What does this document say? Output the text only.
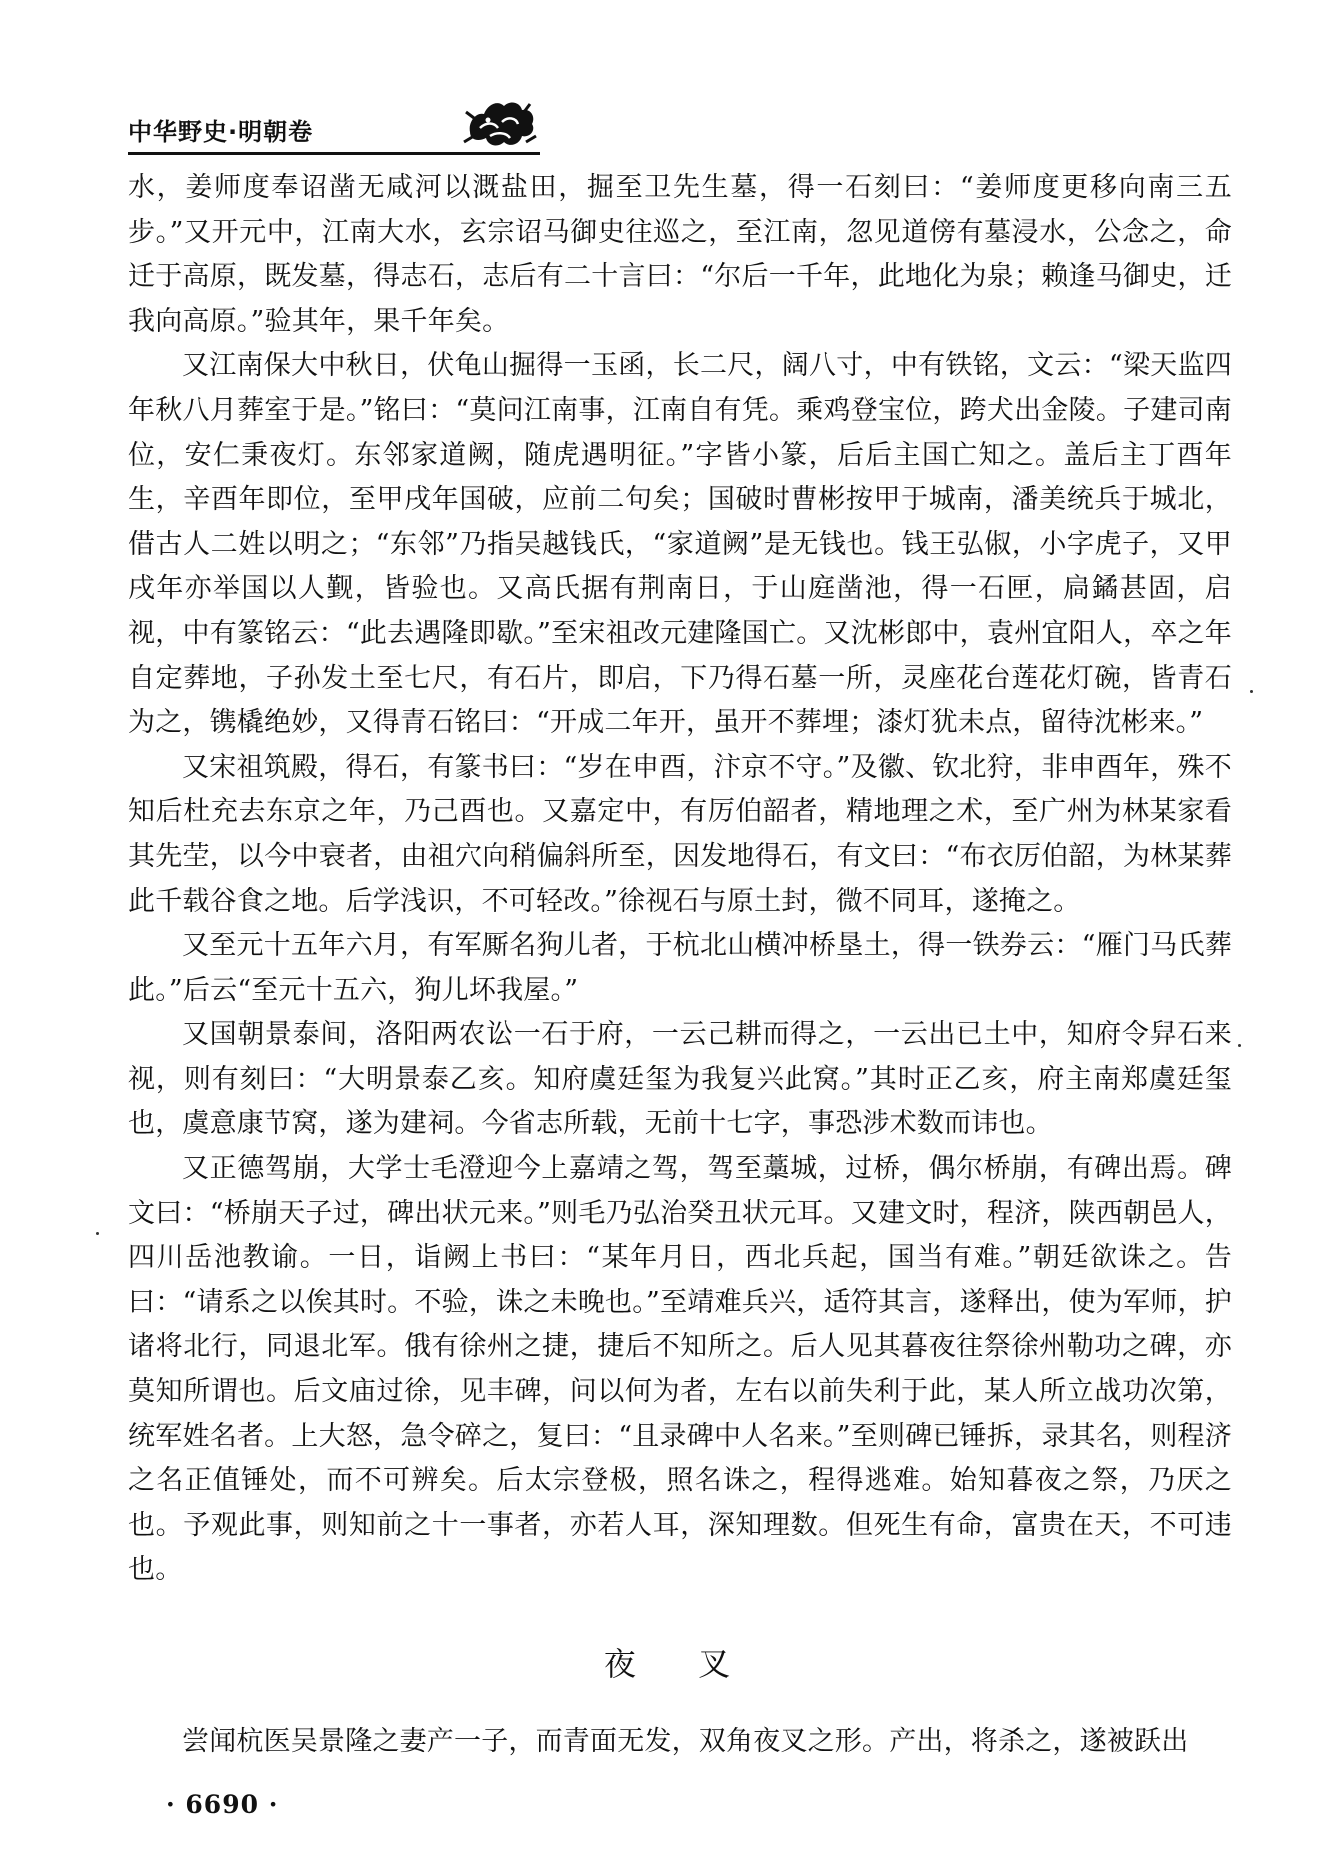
中华野史·明朝卷

水，姜师度奉诏凿无咸河以溉盐田，掘至卫先生墓，得一石刻曰：“姜师度更移向南三五步。”又开元中，江南大水，玄宗诏马御史往巡之，至江南，忽见道傍有墓浸水，公念之，命迁于高原，既发墓，得志石，志后有二十言曰：“尔后一千年，此地化为泉；赖逢马御史，迁我向高原。”验其年，果千年矣。

又江南保大中秋日，伏龟山掘得一玉函，长二尺，阔八寸，中有铁铭，文云：“梁天监四年秋八月葬室于是。”铭曰：“莫问江南事，江南自有凭。乘鸡登宝位，跨犬出金陵。子建司南位，安仁秉夜灯。东邻家道阙，随虎遇明征。”字皆小篆，后后主国亡知之。盖后主丁酉年生，辛酉年即位，至甲戌年国破，应前二句矣；国破时曹彬按甲于城南，潘美统兵于城北，借古人二姓以明之；“东邻”乃指吴越钱氏，“家道阙”是无钱也。钱王弘俶，小字虎子，又甲戌年亦举国以人觐，皆验也。又高氏据有荆南日，于山庭凿池，得一石匣，扃鐍甚固，启视，中有篆铭云：“此去遇隆即歇。”至宋祖改元建隆国亡。又沈彬郎中，袁州宜阳人，卒之年自定葬地，子孙发土至七尺，有石片，即启，下乃得石墓一所，灵座花台莲花灯碗，皆青石为之，镌橇绝妙，又得青石铭曰：“开成二年开，虽开不葬埋；漆灯犹未点，留待沈彬来。”

又宋祖筑殿，得石，有篆书曰：“岁在申酉，汴京不守。”及徽、钦北狩，非申酉年，殊不知后杜充去东京之年，乃己酉也。又嘉定中，有厉伯韶者，精地理之术，至广州为林某家看其先茔，以今中衰者，由祖穴向稍偏斜所至，因发地得石，有文曰：“布衣厉伯韶，为林某葬此千载谷食之地。后学浅识，不可轻改。”徐视石与原土封，微不同耳，遂掩之。

又至元十五年六月，有军厮名狗儿者，于杭北山横冲桥垦土，得一铁券云：“雁门马氏葬此。”后云“至元十五六，狗儿坏我屋。”

又国朝景泰间，洛阳两农讼一石于府，一云己耕而得之，一云出已土中，知府令舁石来视，则有刻曰：“大明景泰乙亥。知府虞廷玺为我复兴此窝。”其时正乙亥，府主南郑虞廷玺也，虞意康节窝，遂为建祠。今省志所载，无前十七字，事恐涉术数而讳也。

又正德驾崩，大学士毛澄迎今上嘉靖之驾，驾至藁城，过桥，偶尔桥崩，有碑出焉。碑文曰：“桥崩天子过，碑出状元来。”则毛乃弘治癸丑状元耳。又建文时，程济，陕西朝邑人，四川岳池教谕。一日，诣阙上书曰：“某年月日，西北兵起，国当有难。”朝廷欲诛之。告曰：“请系之以俟其时。不验，诛之未晚也。”至靖难兵兴，适符其言，遂释出，使为军师，护诸将北行，同退北军。俄有徐州之捷，捷后不知所之。后人见其暮夜往祭徐州勒功之碑，亦莫知所谓也。后文庙过徐，见丰碑，问以何为者，左右以前失利于此，某人所立战功次第，统军姓名者。上大怒，急令碎之，复曰：“且录碑中人名来。”至则碑已锤拆，录其名，则程济之名正值锤处，而不可辨矣。后太宗登极，照名诛之，程得逃难。始知暮夜之祭，乃厌之也。予观此事，则知前之十一事者，亦若人耳，深知理数。但死生有命，富贵在天，不可违也。

夜 叉

尝闻杭医吴景隆之妻产一子，而青面无发，双角夜叉之形。产出，将杀之，遂被跃出

· 6690 ·
